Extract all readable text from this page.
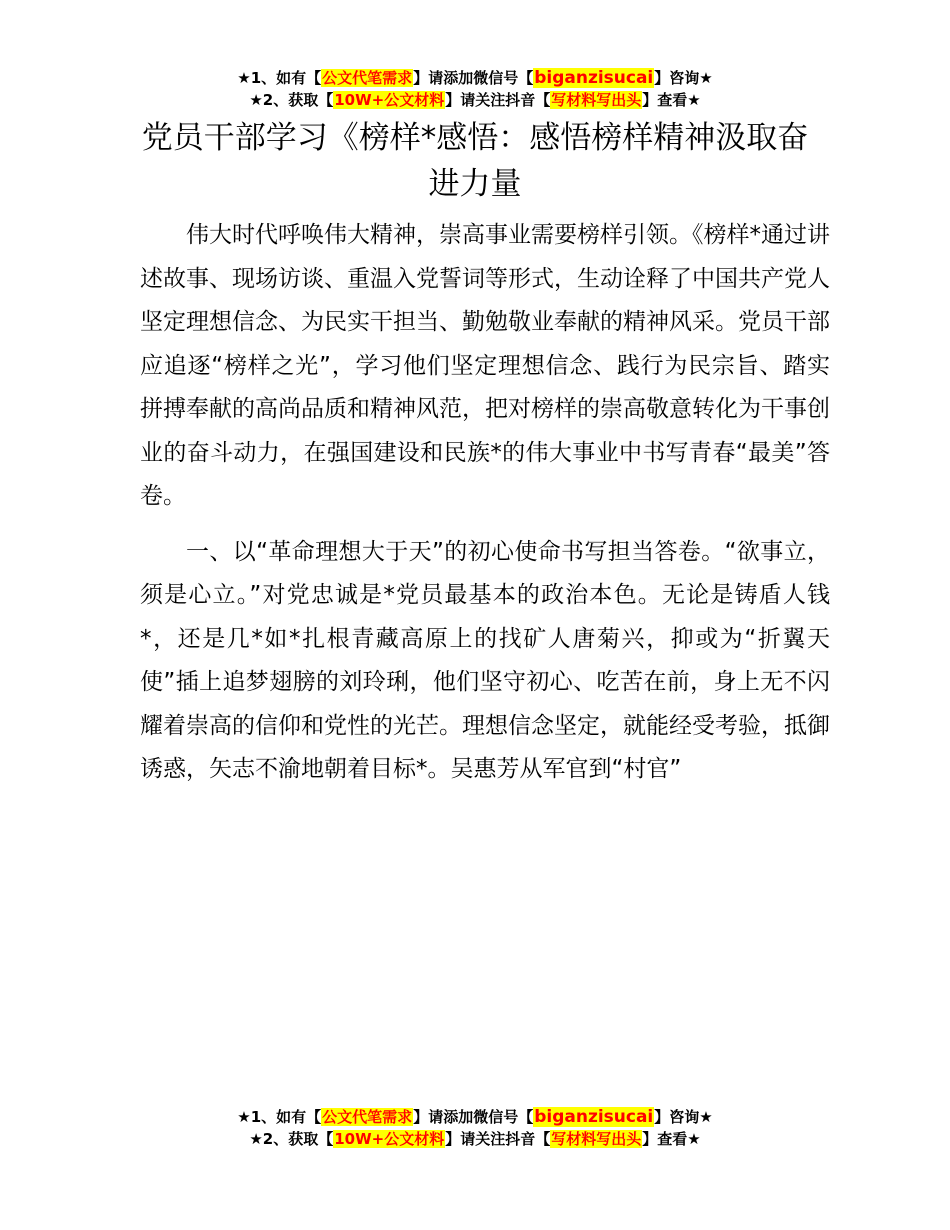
★1、如有【公文代笔需求】请添加微信号【biganzisucai】咨询★
★2、获取【10W+公文材料】请关注抖音【写材料写出头】查看★
党员干部学习《榜样*感悟：感悟榜样精神汲取奋进力量

伟大时代呼唤伟大精神，崇高事业需要榜样引领。《榜样*通过讲述故事、现场访谈、重温入党誓词等形式，生动诠释了中国共产党人坚定理想信念、为民实干担当、勤勉敬业奉献的精神风采。党员干部应追逐“榜样之光”，学习他们坚定理想信念、践行为民宗旨、踏实拼搏奉献的高尚品质和精神风范，把对榜样的崇高敬意转化为干事创业的奋斗动力，在强国建设和民族*的伟大事业中书写青春“最美”答卷。

一、以“革命理想大于天”的初心使命书写担当答卷。“欲事立，须是心立。”对党忠诚是*党员最基本的政治本色。无论是铸盾人钱*，还是几*如*扎根青藏高原上的找矿人唐菊兴，抑或为“折翼天使”插上追梦翅膀的刘玲琍，他们坚守初心、吃苦在前，身上无不闪耀着崇高的信仰和党性的光芒。理想信念坚定，就能经受考验，抵御诱惑，矢志不渝地朝着目标*。吴惠芳从军官到“村官”

★1、如有【公文代笔需求】请添加微信号【biganzisucai】咨询★
★2、获取【10W+公文材料】请关注抖音【写材料写出头】查看★
